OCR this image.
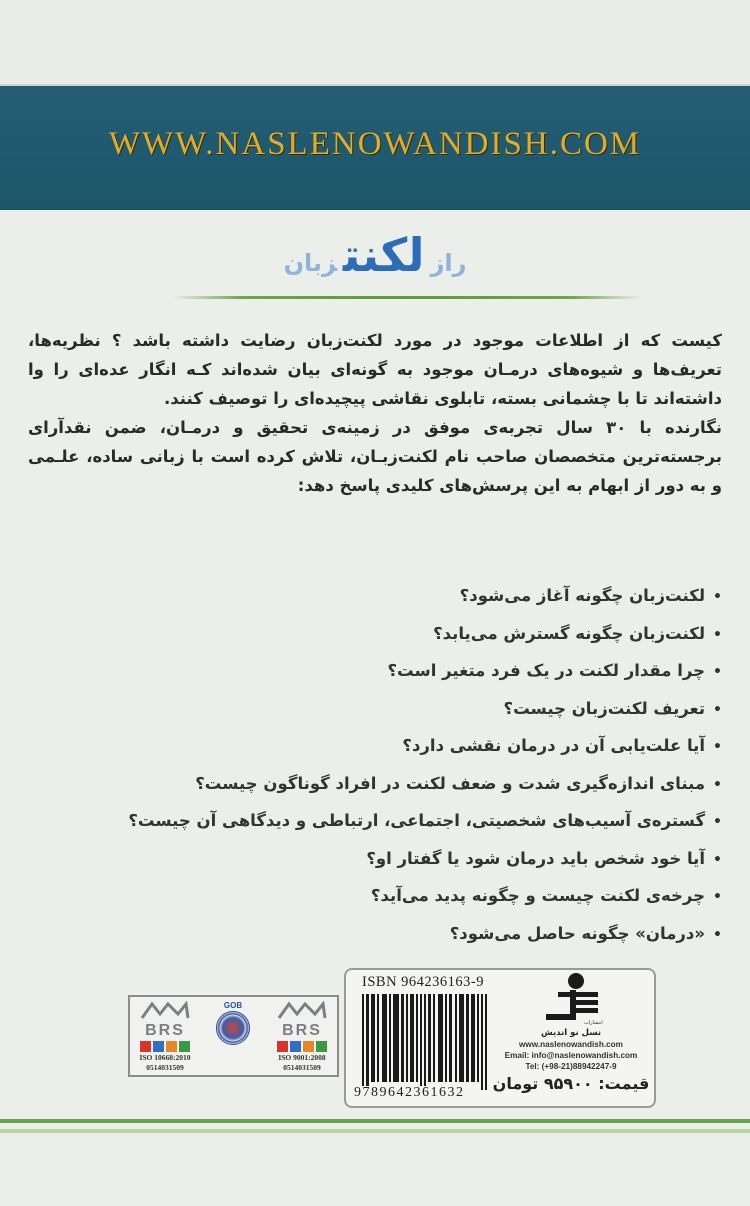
WWW.NASLENOWANDISH.COM
رازلکنتزبان

کیست که از اطلاعات موجود در مورد لکنت‌زبان رضایت داشته باشد ؟ نظریه‌ها، تعریف‌ها و شیوه‌های درمـان موجود به گونه‌ای بیان شده‌اند کـه انگار عده‌ای را وا داشته‌اند تا با چشمانی بسته، تابلوی نقاشی پیچیده‌ای را توصیف کنند.

نگارنده با ۳۰ سال تجربه‌ی موفق در زمینه‌ی تحقیق و درمـان، ضمن نقدآرای برجسته‌ترین متخصصان صاحب نام لکنت‌زبـان، تلاش کرده است با زبانی ساده، علـمی و به دور از ابهام به این پرسش‌های کلیدی پاسخ دهد:

•لکنت‌زبان چگونه آغاز می‌شود؟
•لکنت‌زبان چگونه گسترش می‌یابد؟
•چرا مقدار لکنت در یک فرد متغیر است؟
•تعریف لکنت‌زبان چیست؟
•آیا علت‌یابی آن در درمان نقشی دارد؟
•مبنای اندازه‌گیری شدت و ضعف لکنت در افراد گوناگون چیست؟
•گستره‌ی آسیب‌های شخصیتی، اجتماعی، ارتباطی و دیدگاهی آن چیست؟
•آیا خود شخص باید درمان شود یا گفتار او؟
•چرخه‌ی لکنت چیست و چگونه پدید می‌آید؟
•«درمان» چگونه حاصل می‌شود؟
BRS
ISO 10668:2010
0514031509
GOB
BRS
ISO 9001:2008
0514031509
ISBN 964236163-9
9789642361632
انتشارات
نسل نو اندیش
www.naslenowandish.com
Email: info@naslenowandish.com
Tel: (+98-21)88942247-9
قیمت: ۹۵۹۰۰ تومان
